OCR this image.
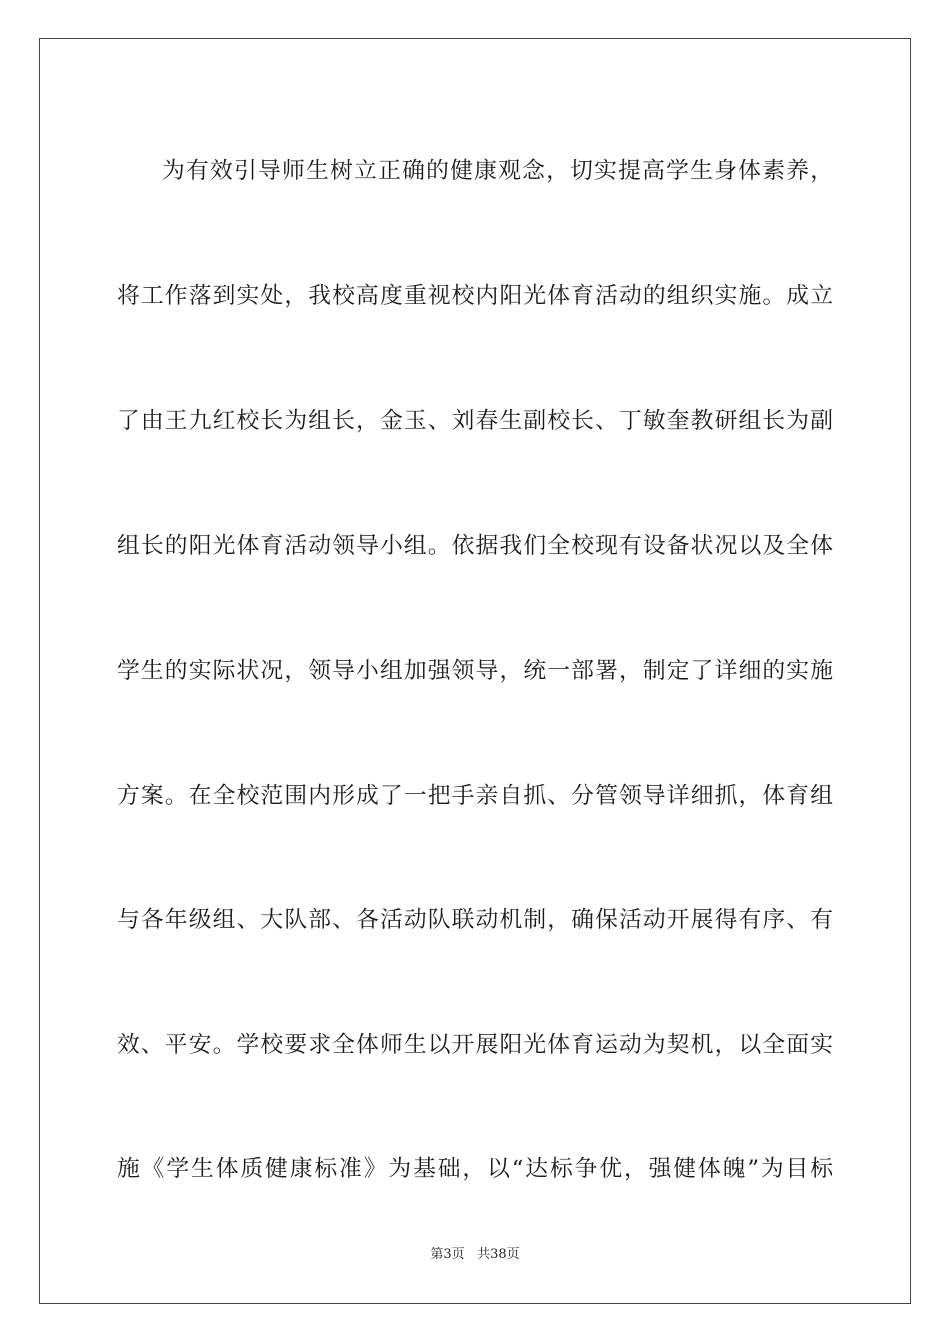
为有效引导师生树立正确的健康观念，切实提高学生身体素养，

将工作落到实处，我校高度重视校内阳光体育活动的组织实施。成立

了由王九红校长为组长，金玉、刘春生副校长、丁敏奎教研组长为副

组长的阳光体育活动领导小组。依据我们全校现有设备状况以及全体

学生的实际状况，领导小组加强领导，统一部署，制定了详细的实施

方案。在全校范围内形成了一把手亲自抓、分管领导详细抓，体育组

与各年级组、大队部、各活动队联动机制，确保活动开展得有序、有

效、平安。学校要求全体师生以开展阳光体育运动为契机，以全面实

施《学生体质健康标准》为基础，以“达标争优，强健体魄”为目标

第3页 共38页
